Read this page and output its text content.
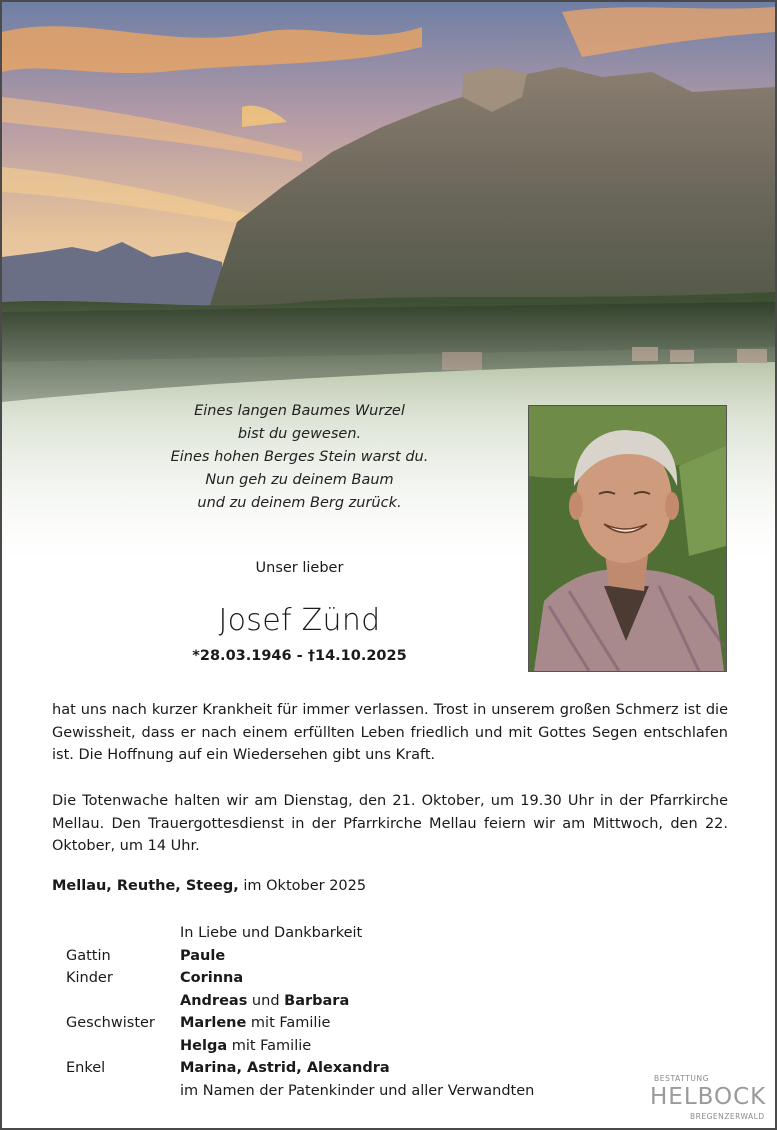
Eines langen Baumes Wurzel
bist du gewesen.
Eines hohen Berges Stein warst du.
Nun geh zu deinem Baum
und zu deinem Berg zurück.
Unser lieber
Josef Zünd
*28.03.1946 - †14.10.2025
hat uns nach kurzer Krankheit für immer verlassen. Trost in unserem großen Schmerz ist die Gewissheit, dass er nach einem erfüllten Leben friedlich und mit Gottes Segen entschlafen ist. Die Hoffnung auf ein Wiedersehen gibt uns Kraft.
Die Totenwache halten wir am Dienstag, den 21. Oktober, um 19.30 Uhr in der Pfarrkirche Mellau. Den Trauergottesdienst in der Pfarrkirche Mellau feiern wir am Mittwoch, den 22. Oktober, um 14 Uhr.
Mellau, Reuthe, Steeg, im Oktober 2025
In Liebe und Dankbarkeit
Gattin	Paule
Kinder	Corinna
Andreas und Barbara
Geschwister Marlene mit Familie
Helga mit Familie
Enkel	Marina, Astrid, Alexandra
im Namen der Patenkinder und aller Verwandten
BESTATTUNG
HELBOCK
BREGENZERWALD
